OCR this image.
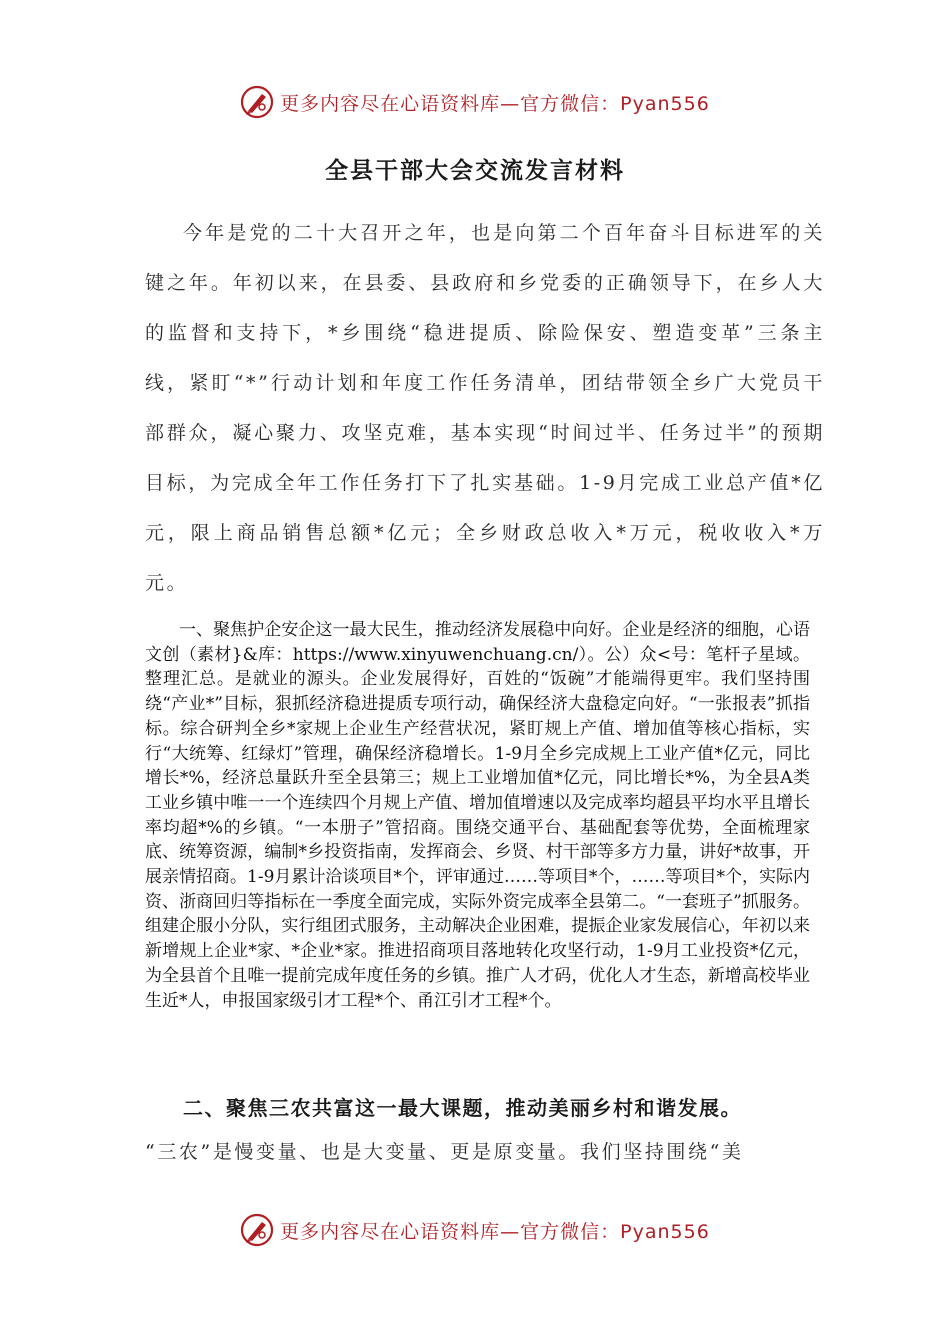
更多内容尽在心语资料库—官方微信：Pyan556
全县干部大会交流发言材料

今年是党的二十大召开之年，也是向第二个百年奋斗目标进军的关键之年。年初以来，在县委、县政府和乡党委的正确领导下，在乡人大的监督和支持下，*乡围绕“稳进提质、除险保安、塑造变革”三条主线，紧盯“*”行动计划和年度工作任务清单，团结带领全乡广大党员干部群众，凝心聚力、攻坚克难，基本实现“时间过半、任务过半”的预期目标，为完成全年工作任务打下了扎实基础。1-9月完成工业总产值*亿元，限上商品销售总额*亿元；全乡财政总收入*万元，税收收入*万元。

一、聚焦护企安企这一最大民生，推动经济发展稳中向好。企业是经济的细胞，心语文创（素材}&库：https://www.xinyuwenchuang.cn/）。公）众<号：笔杆子星域。整理汇总。是就业的源头。企业发展得好，百姓的“饭碗”才能端得更牢。我们坚持围绕“产业*”目标，狠抓经济稳进提质专项行动，确保经济大盘稳定向好。“一张报表”抓指标。综合研判全乡*家规上企业生产经营状况，紧盯规上产值、增加值等核心指标，实行“大统筹、红绿灯”管理，确保经济稳增长。1-9月全乡完成规上工业产值*亿元，同比增长*%，经济总量跃升至全县第三；规上工业增加值*亿元，同比增长*%，为全县A类工业乡镇中唯一一个连续四个月规上产值、增加值增速以及完成率均超县平均水平且增长率均超*%的乡镇。“一本册子”管招商。围绕交通平台、基础配套等优势，全面梳理家底、统筹资源，编制*乡投资指南，发挥商会、乡贤、村干部等多方力量，讲好*故事，开展亲情招商。1-9月累计洽谈项目*个，评审通过……等项目*个，……等项目*个，实际内资、浙商回归等指标在一季度全面完成，实际外资完成率全县第二。“一套班子”抓服务。组建企服小分队，实行组团式服务，主动解决企业困难，提振企业家发展信心，年初以来新增规上企业*家、*企业*家。推进招商项目落地转化攻坚行动，1-9月工业投资*亿元，为全县首个且唯一提前完成年度任务的乡镇。推广人才码，优化人才生态，新增高校毕业生近*人，申报国家级引才工程*个、甬江引才工程*个。

二、聚焦三农共富这一最大课题，推动美丽乡村和谐发展。

“三农”是慢变量、也是大变量、更是原变量。我们坚持围绕“美

更多内容尽在心语资料库—官方微信：Pyan556
